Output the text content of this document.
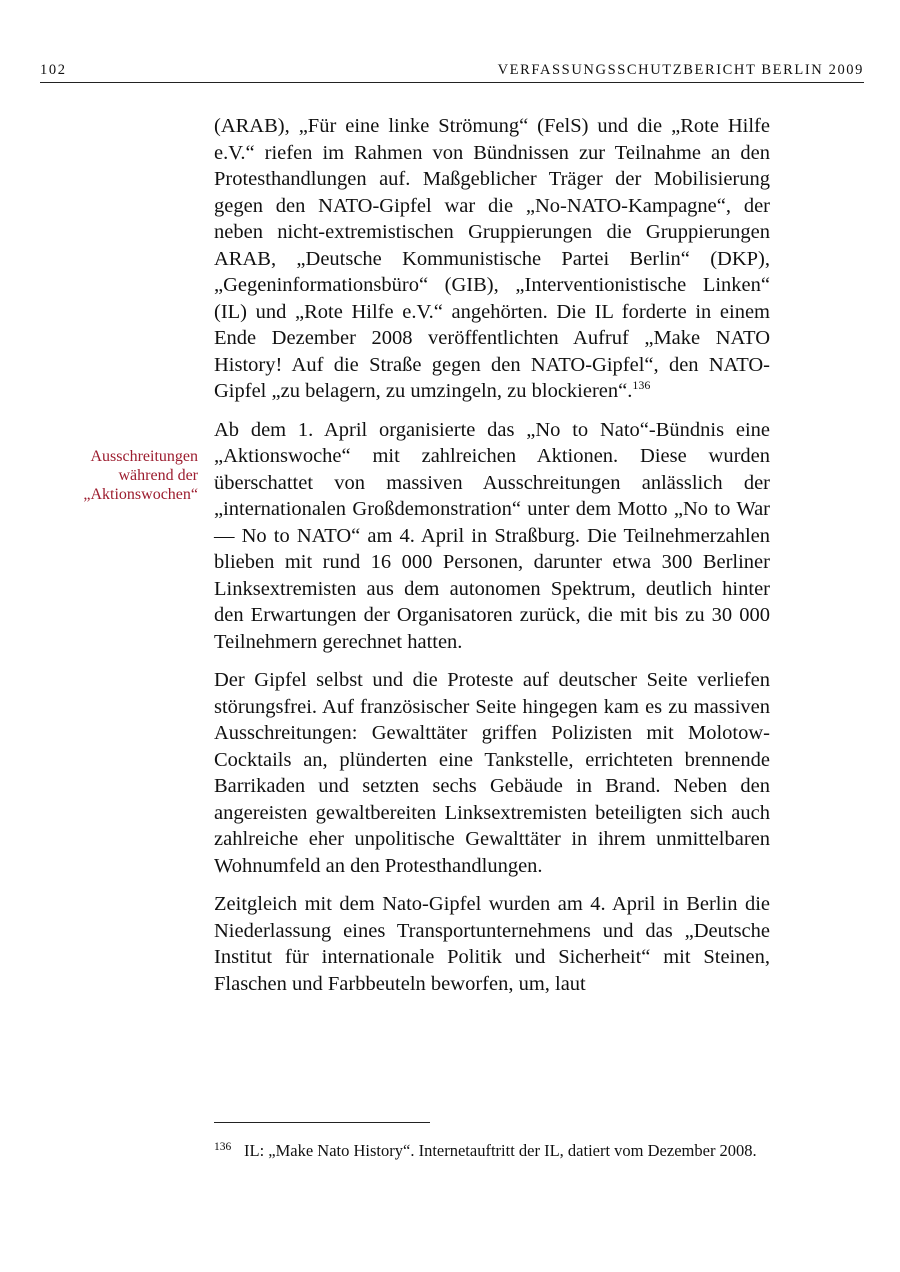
102	VERFASSUNGSSCHUTZBERICHT BERLIN 2009

(ARAB), „Für eine linke Strömung“ (FelS) und die „Rote Hilfe e.V.“ riefen im Rahmen von Bündnissen zur Teilnahme an den Protesthandlungen auf. Maßgeblicher Träger der Mobilisierung gegen den NATO-Gipfel war die „No-NATO-Kampagne“, der neben nicht-extremistischen Gruppierungen die Gruppierungen ARAB, „Deutsche Kommunistische Partei Berlin“ (DKP), „Gegeninformationsbüro“ (GIB), „Interventionistische Linken“ (IL) und „Rote Hilfe e.V.“ angehörten. Die IL forderte in einem Ende Dezember 2008 veröffentlichten Aufruf „Make NATO History! Auf die Straße gegen den NATO-Gipfel“, den NATO-Gipfel „zu belagern, zu umzingeln, zu blockieren“.$^{136}$

Ab dem 1. April organisierte das „No to Nato“-Bündnis eine „Aktionswoche“ mit zahlreichen Aktionen. Diese wurden überschattet von massiven Ausschreitungen anlässlich der „internationalen Großdemonstration“ unter dem Motto „No to War — No to NATO“ am 4. April in Straßburg. Die Teilnehmerzahlen blieben mit rund 16 000 Personen, darunter etwa 300 Berliner Linksextremisten aus dem autonomen Spektrum, deutlich hinter den Erwartungen der Organisatoren zurück, die mit bis zu 30 000 Teilnehmern gerechnet hatten.

Der Gipfel selbst und die Proteste auf deutscher Seite verliefen störungsfrei. Auf französischer Seite hingegen kam es zu massiven Ausschreitungen: Gewalttäter griffen Polizisten mit Molotow-Cocktails an, plünderten eine Tankstelle, errichteten brennende Barrikaden und setzten sechs Gebäude in Brand. Neben den angereisten gewaltbereiten Linksextremisten beteiligten sich auch zahlreiche eher unpolitische Gewalttäter in ihrem unmittelbaren Wohnumfeld an den Protesthandlungen.

Zeitgleich mit dem Nato-Gipfel wurden am 4. April in Berlin die Niederlassung eines Transportunternehmens und das „Deutsche Institut für internationale Politik und Sicherheit“ mit Steinen, Flaschen und Farbbeuteln beworfen, um, laut

Ausschreitungen
während der
„Aktionswochen“
136 IL: „Make Nato History“. Internetauftritt der IL, datiert vom Dezember 2008.
